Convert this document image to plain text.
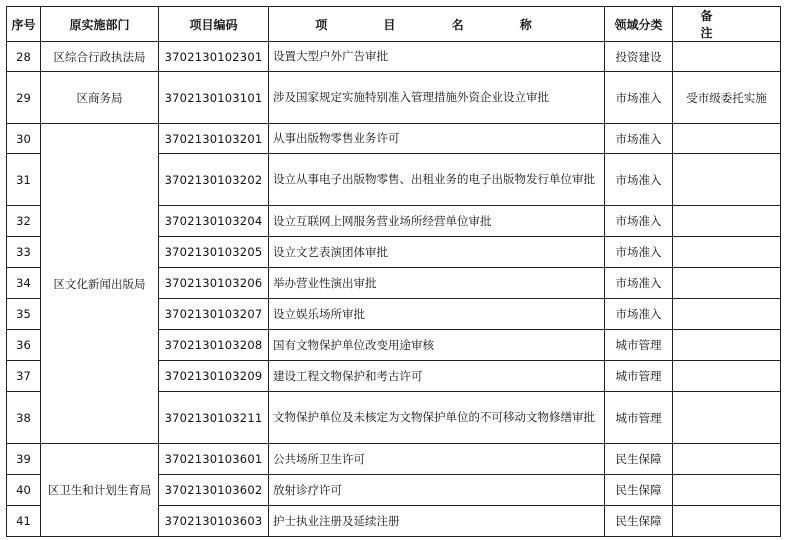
序号	原实施部门	项目编码	项 目 名 称	领域分类	备 注
28	区综合行政执法局	3702130102301	设置大型户外广告审批	投资建设	
29	区商务局	3702130103101	涉及国家规定实施特别准入管理措施外资企业设立审批	市场准入	受市级委托实施
30	区文化新闻出版局	3702130103201	从事出版物零售业务许可	市场准入	
31		3702130103202	设立从事电子出版物零售、出租业务的电子出版物发行单位审批	市场准入	
32		3702130103204	设立互联网上网服务营业场所经营单位审批	市场准入	
33		3702130103205	设立文艺表演团体审批	市场准入	
34		3702130103206	举办营业性演出审批	市场准入	
35		3702130103207	设立娱乐场所审批	市场准入	
36		3702130103208	国有文物保护单位改变用途审核	城市管理	
37		3702130103209	建设工程文物保护和考古许可	城市管理	
38		3702130103211	文物保护单位及未核定为文物保护单位的不可移动文物修缮审批	城市管理	
39	区卫生和计划生育局	3702130103601	公共场所卫生许可	民生保障	
40		3702130103602	放射诊疗许可	民生保障	
41		3702130103603	护士执业注册及延续注册	民生保障	
